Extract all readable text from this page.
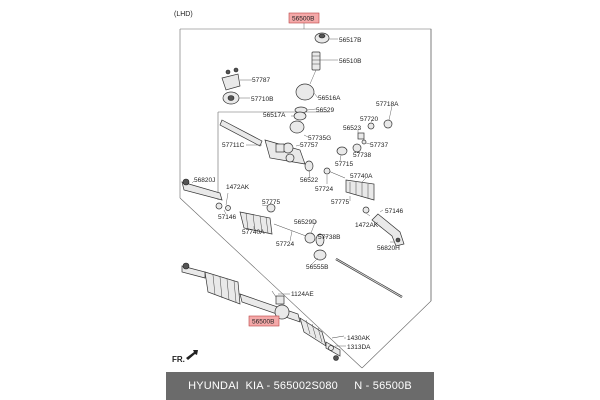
(LHD)
56500B
56500B
56517B
56510B
57787
57710B	56516A
56529
56517A
57718A
57720
56523
57735G
57711C	57757	57737
57738
57715
56820J
1472AK
56522
57724
57740A
57146
57775	57775
57146
56529D	1472AK
57740A
57738B
57724
56820H
56555B
1124AE
1430AK
1313DA
FR.
HYUNDAI  KIA - 565002S080     N - 56500B
